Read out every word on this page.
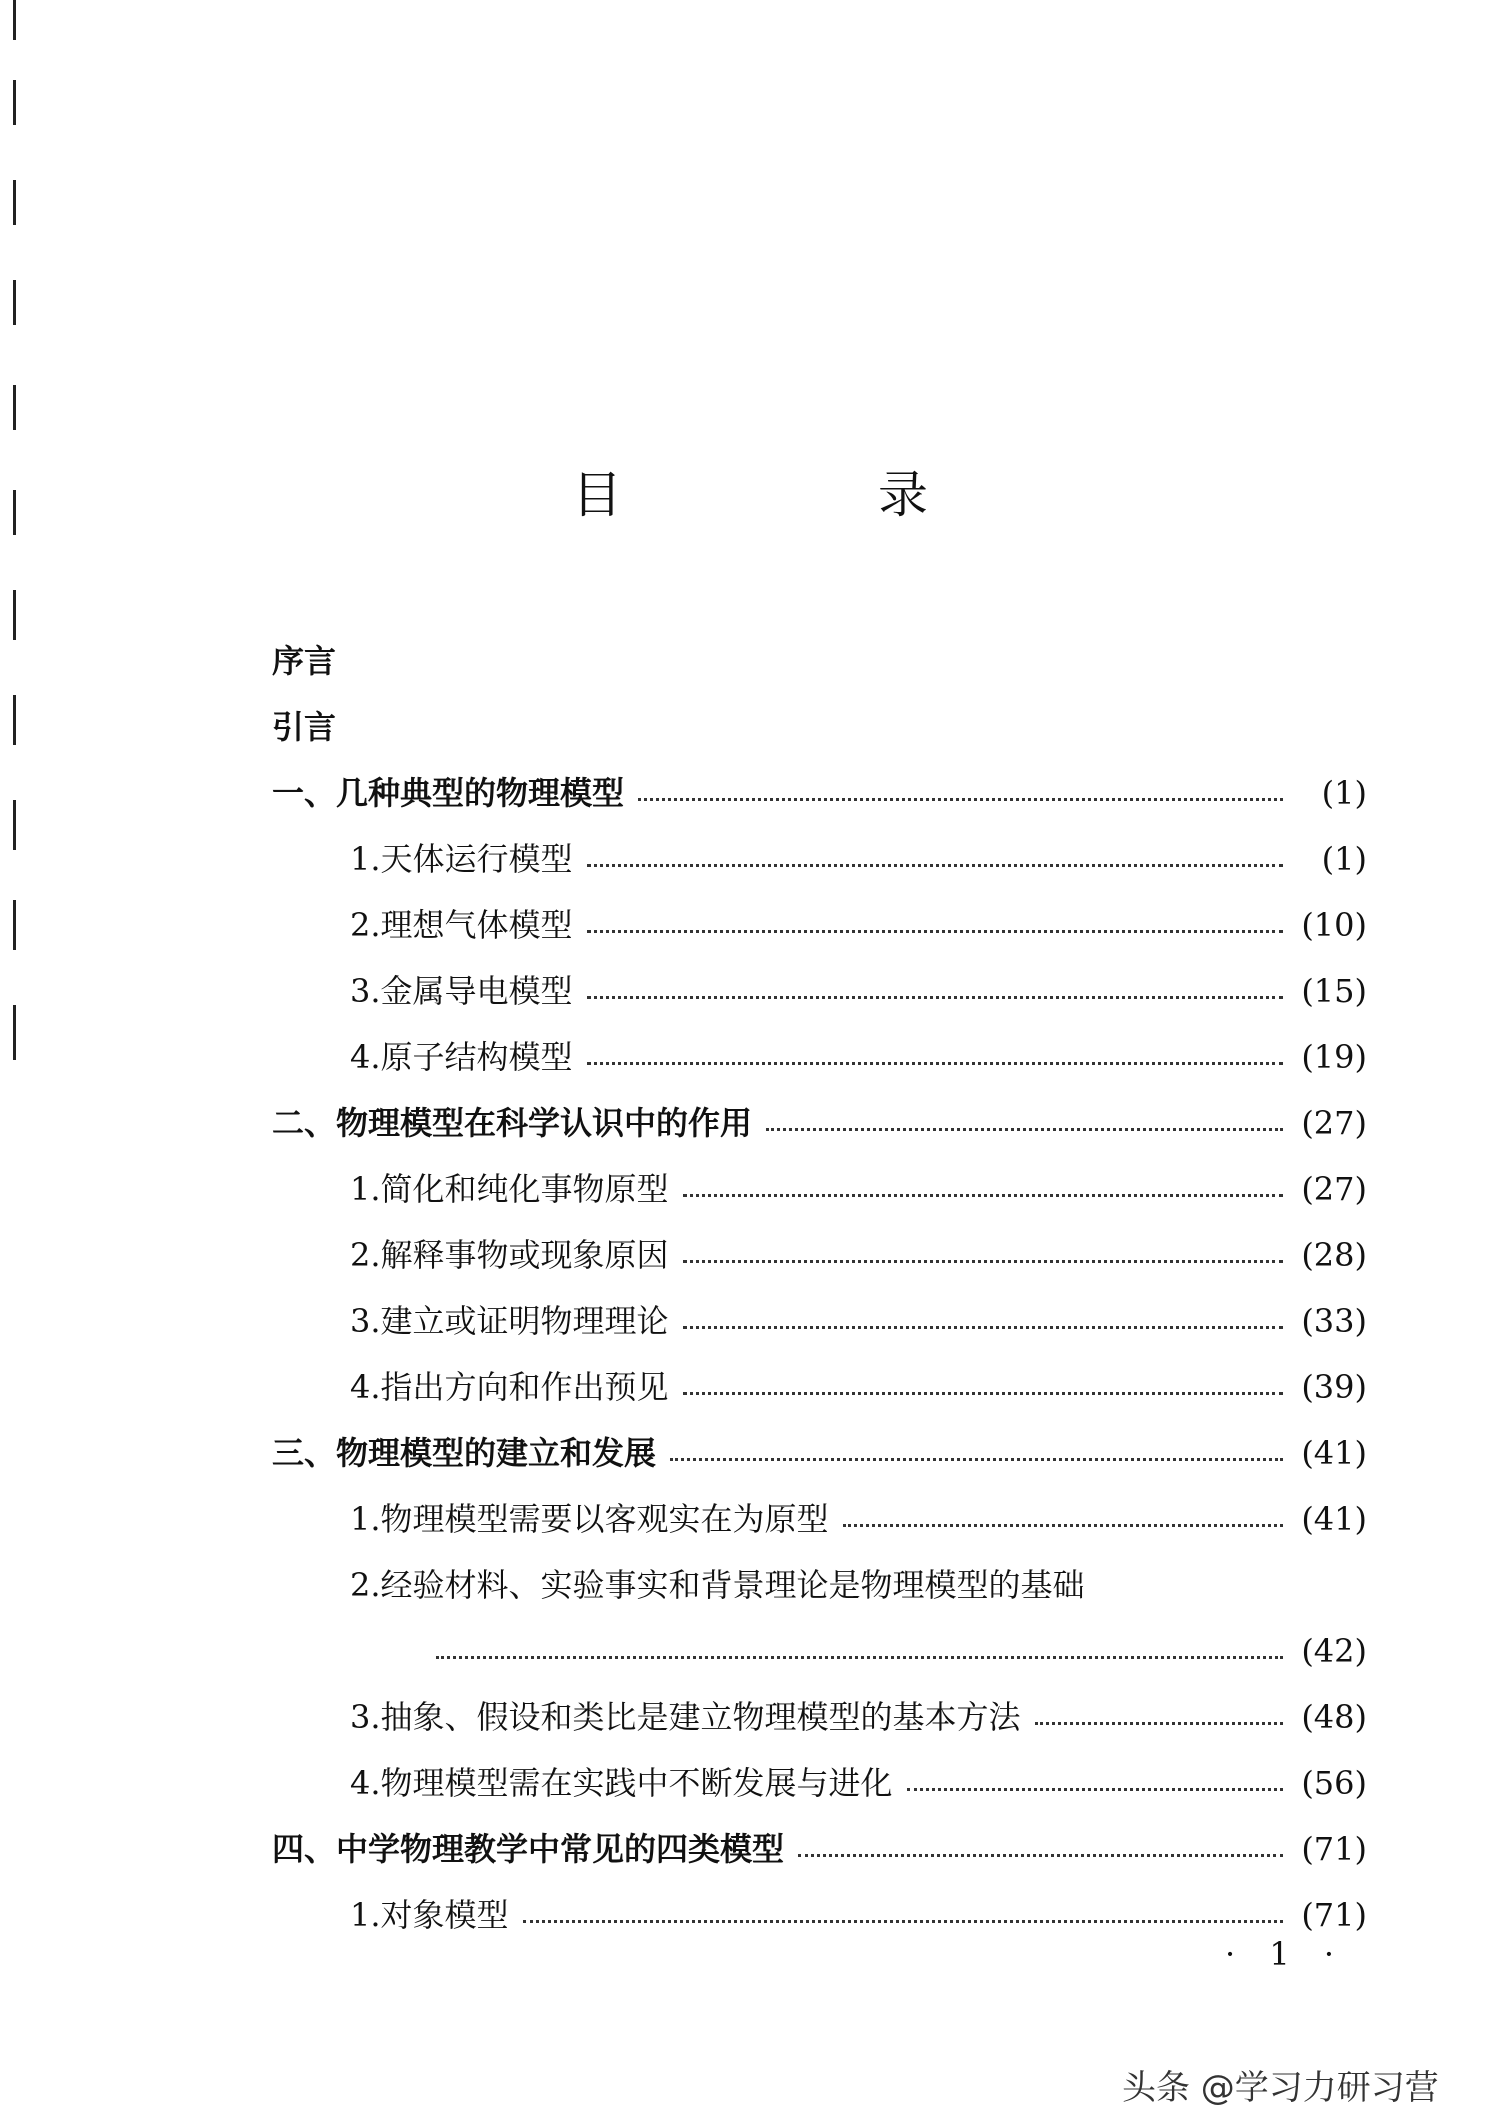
目 录
序言
引言
一、几种典型的物理模型	(1)
1.天体运行模型	(1)
2.理想气体模型	(10)
3.金属导电模型	(15)
4.原子结构模型	(19)
二、物理模型在科学认识中的作用	(27)
1.简化和纯化事物原型	(27)
2.解释事物或现象原因	(28)
3.建立或证明物理理论	(33)
4.指出方向和作出预见	(39)
三、物理模型的建立和发展	(41)
1.物理模型需要以客观实在为原型	(41)
2.经验材料、实验事实和背景理论是物理模型的基础
(42)
3.抽象、假设和类比是建立物理模型的基本方法	(48)
4.物理模型需在实践中不断发展与进化	(56)
四、中学物理教学中常见的四类模型	(71)
1.对象模型	(71)
· 1 ·
头条 @学习力研习营
